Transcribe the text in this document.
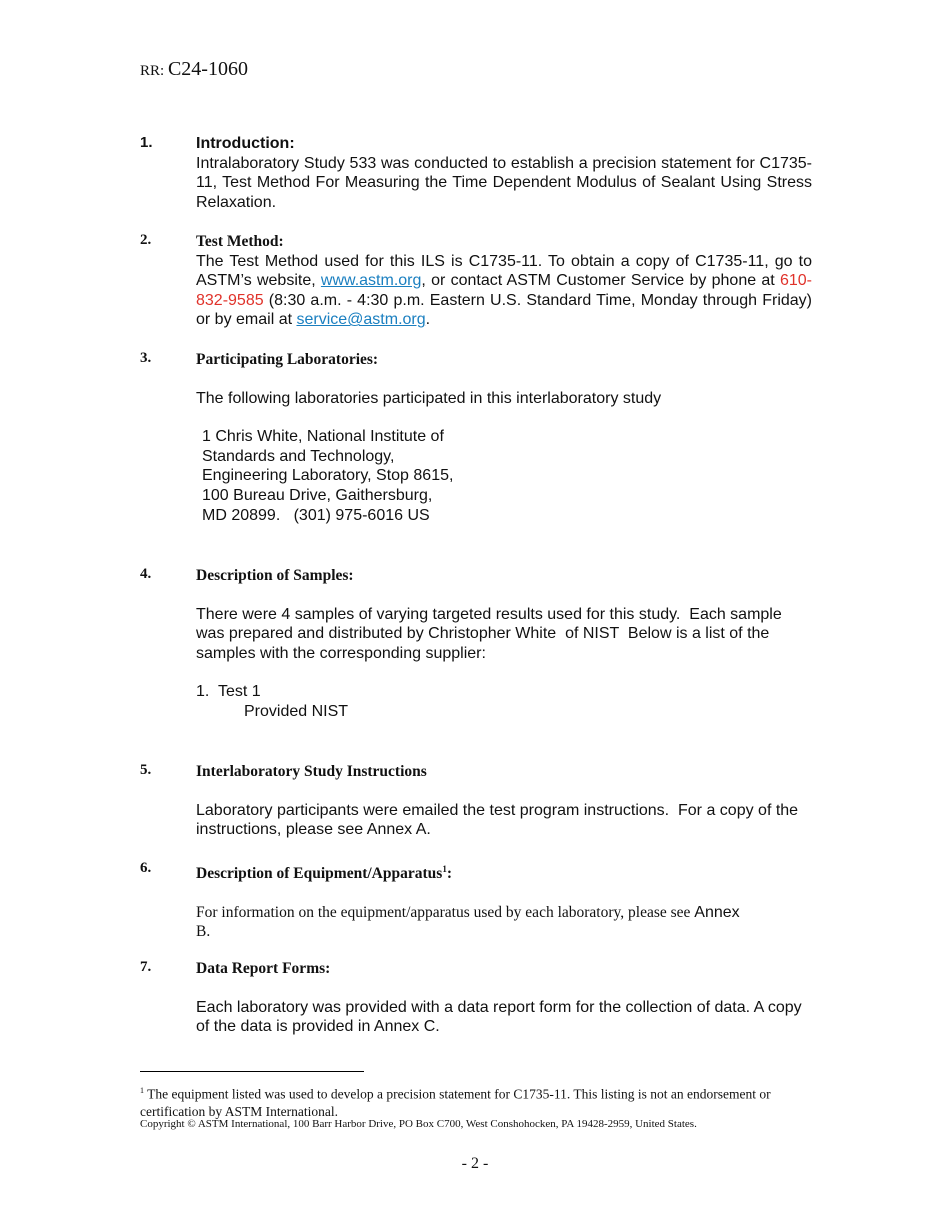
RR: C24-1060
1.	Introduction:
Intralaboratory Study 533 was conducted to establish a precision statement for C1735-11, Test Method For Measuring the Time Dependent Modulus of Sealant Using Stress Relaxation.
2.	Test Method:
The Test Method used for this ILS is C1735-11. To obtain a copy of C1735-11, go to ASTM’s website, www.astm.org, or contact ASTM Customer Service by phone at 610-832-9585 (8:30 a.m. - 4:30 p.m. Eastern U.S. Standard Time, Monday through Friday) or by email at service@astm.org.
3.	Participating Laboratories:
The following laboratories participated in this interlaboratory study
1 Chris White, National Institute of
Standards and Technology,
Engineering Laboratory, Stop 8615,
100 Bureau Drive, Gaithersburg,
MD 20899.   (301) 975-6016 US
4.	Description of Samples:
There were 4 samples of varying targeted results used for this study.  Each sample was prepared and distributed by Christopher White  of NIST  Below is a list of the samples with the corresponding supplier:
1.  Test 1
Provided NIST
5.	Interlaboratory Study Instructions
Laboratory participants were emailed the test program instructions.  For a copy of the instructions, please see Annex A.
6.	Description of Equipment/Apparatus$^1$:
For information on the equipment/apparatus used by each laboratory, please see Annex
B.
7.	Data Report Forms:
Each laboratory was provided with a data report form for the collection of data. A copy of the data is provided in Annex C.
$^1$ The equipment listed was used to develop a precision statement for C1735-11. This listing is not an endorsement or certification by ASTM International.
Copyright © ASTM International, 100 Barr Harbor Drive, PO Box C700, West Conshohocken, PA 19428-2959, United States.
- 2 -
